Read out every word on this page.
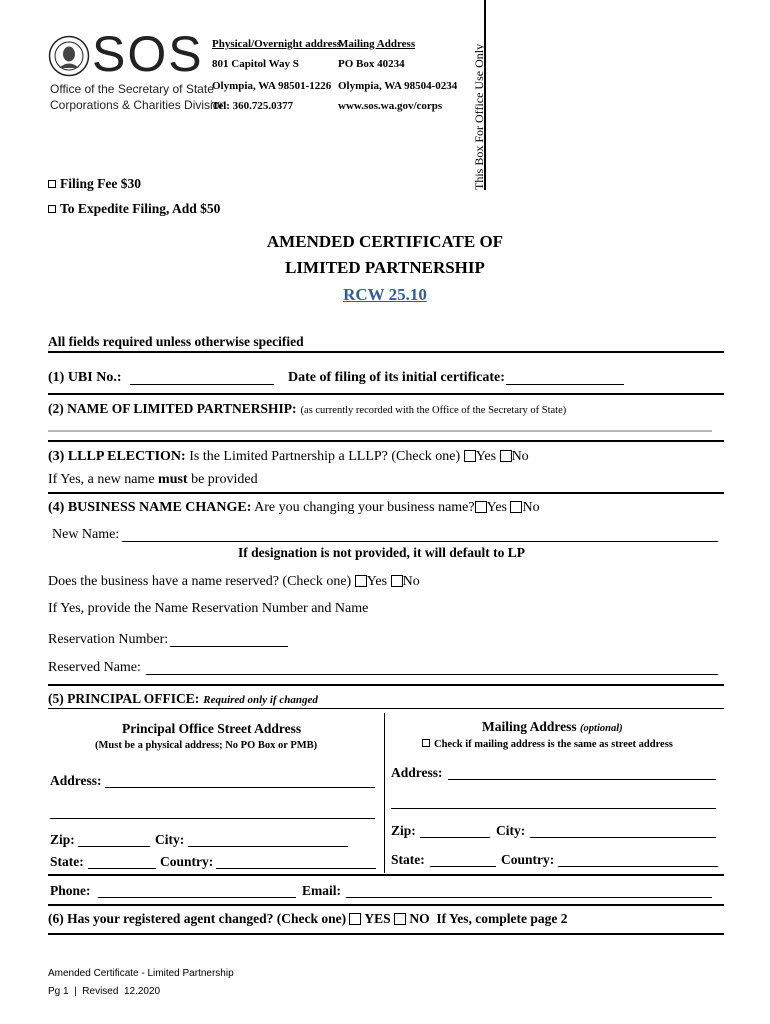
SOS
Office of the Secretary of State
Corporations & Charities Division
Physical/Overnight address
Mailing Address
801 Capitol Way S	PO Box 40234
Olympia, WA 98501-1226 Olympia, WA 98504-0234
Tel: 360.725.0377	www.sos.wa.gov/corps This Box For Office Use Only
Filing Fee $30
To Expedite Filing, Add $50
AMENDED CERTIFICATE OF
LIMITED PARTNERSHIP
RCW 25.10
All fields required unless otherwise specified
(1) UBI No.:	Date of filing of its initial certificate:
(2) NAME OF LIMITED PARTNERSHIP: (as currently recorded with the Office of the Secretary of State)
(3) LLLP ELECTION: Is the Limited Partnership a LLLP? (Check one) Yes No
If Yes, a new name must be provided
(4) BUSINESS NAME CHANGE: Are you changing your business name? Yes No
New Name:
If designation is not provided, it will default to LP
Does the business have a name reserved? (Check one) Yes No
If Yes, provide the Name Reservation Number and Name
Reservation Number:
Reserved Name:
(5) PRINCIPAL OFFICE: Required only if changed
Principal Office Street Address
(Must be a physical address; No PO Box or PMB)
Mailing Address (optional)
Check if mailing address is the same as street address
Address:
Zip:	City:
State:	Country:
Address:
Zip:	City:
State:	Country:
Phone:	Email:
(6) Has your registered agent changed? (Check one) YES NO If Yes, complete page 2
Amended Certificate - Limited Partnership
Pg 1  |  Revised  12.2020
